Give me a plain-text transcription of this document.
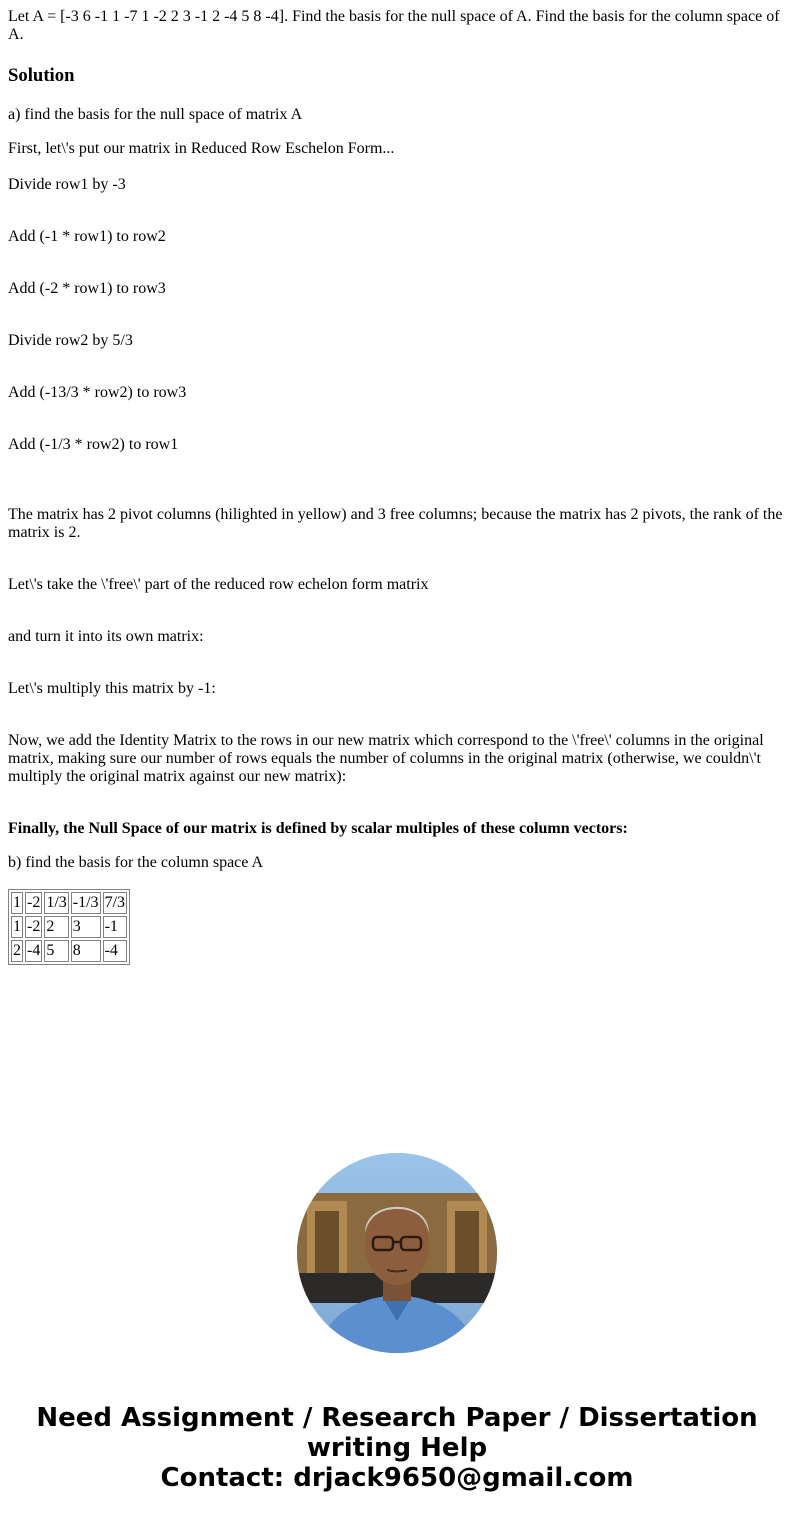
Let A = [-3 6 -1 1 -7 1 -2 2 3 -1 2 -4 5 8 -4]. Find the basis for the null space of A. Find the basis for the column space of A.

Solution

a) find the basis for the null space of matrix A

First, let\'s put our matrix in Reduced Row Eschelon Form...

Divide row1 by -3

Add (-1 * row1) to row2

Add (-2 * row1) to row3

Divide row2 by 5/3

Add (-13/3 * row2) to row3

Add (-1/3 * row2) to row1

The matrix has 2 pivot columns (hilighted in yellow) and 3 free columns; because the matrix has 2 pivots, the rank of the matrix is 2.

Let\'s take the \'free\' part of the reduced row echelon form matrix

and turn it into its own matrix:

Let\'s multiply this matrix by -1:

Now, we add the Identity Matrix to the rows in our new matrix which correspond to the \'free\' columns in the original matrix, making sure our number of rows equals the number of columns in the original matrix (otherwise, we couldn\'t multiply the original matrix against our new matrix):

Finally, the Null Space of our matrix is defined by scalar multiples of these column vectors:

b) find the basis for the column space A

1	-2	1/3	-1/3	7/3
1	-2	2	3	-1
2	-4	5	8	-4
Need Assignment / Research Paper / Dissertation
writing Help
Contact: drjack9650@gmail.com
